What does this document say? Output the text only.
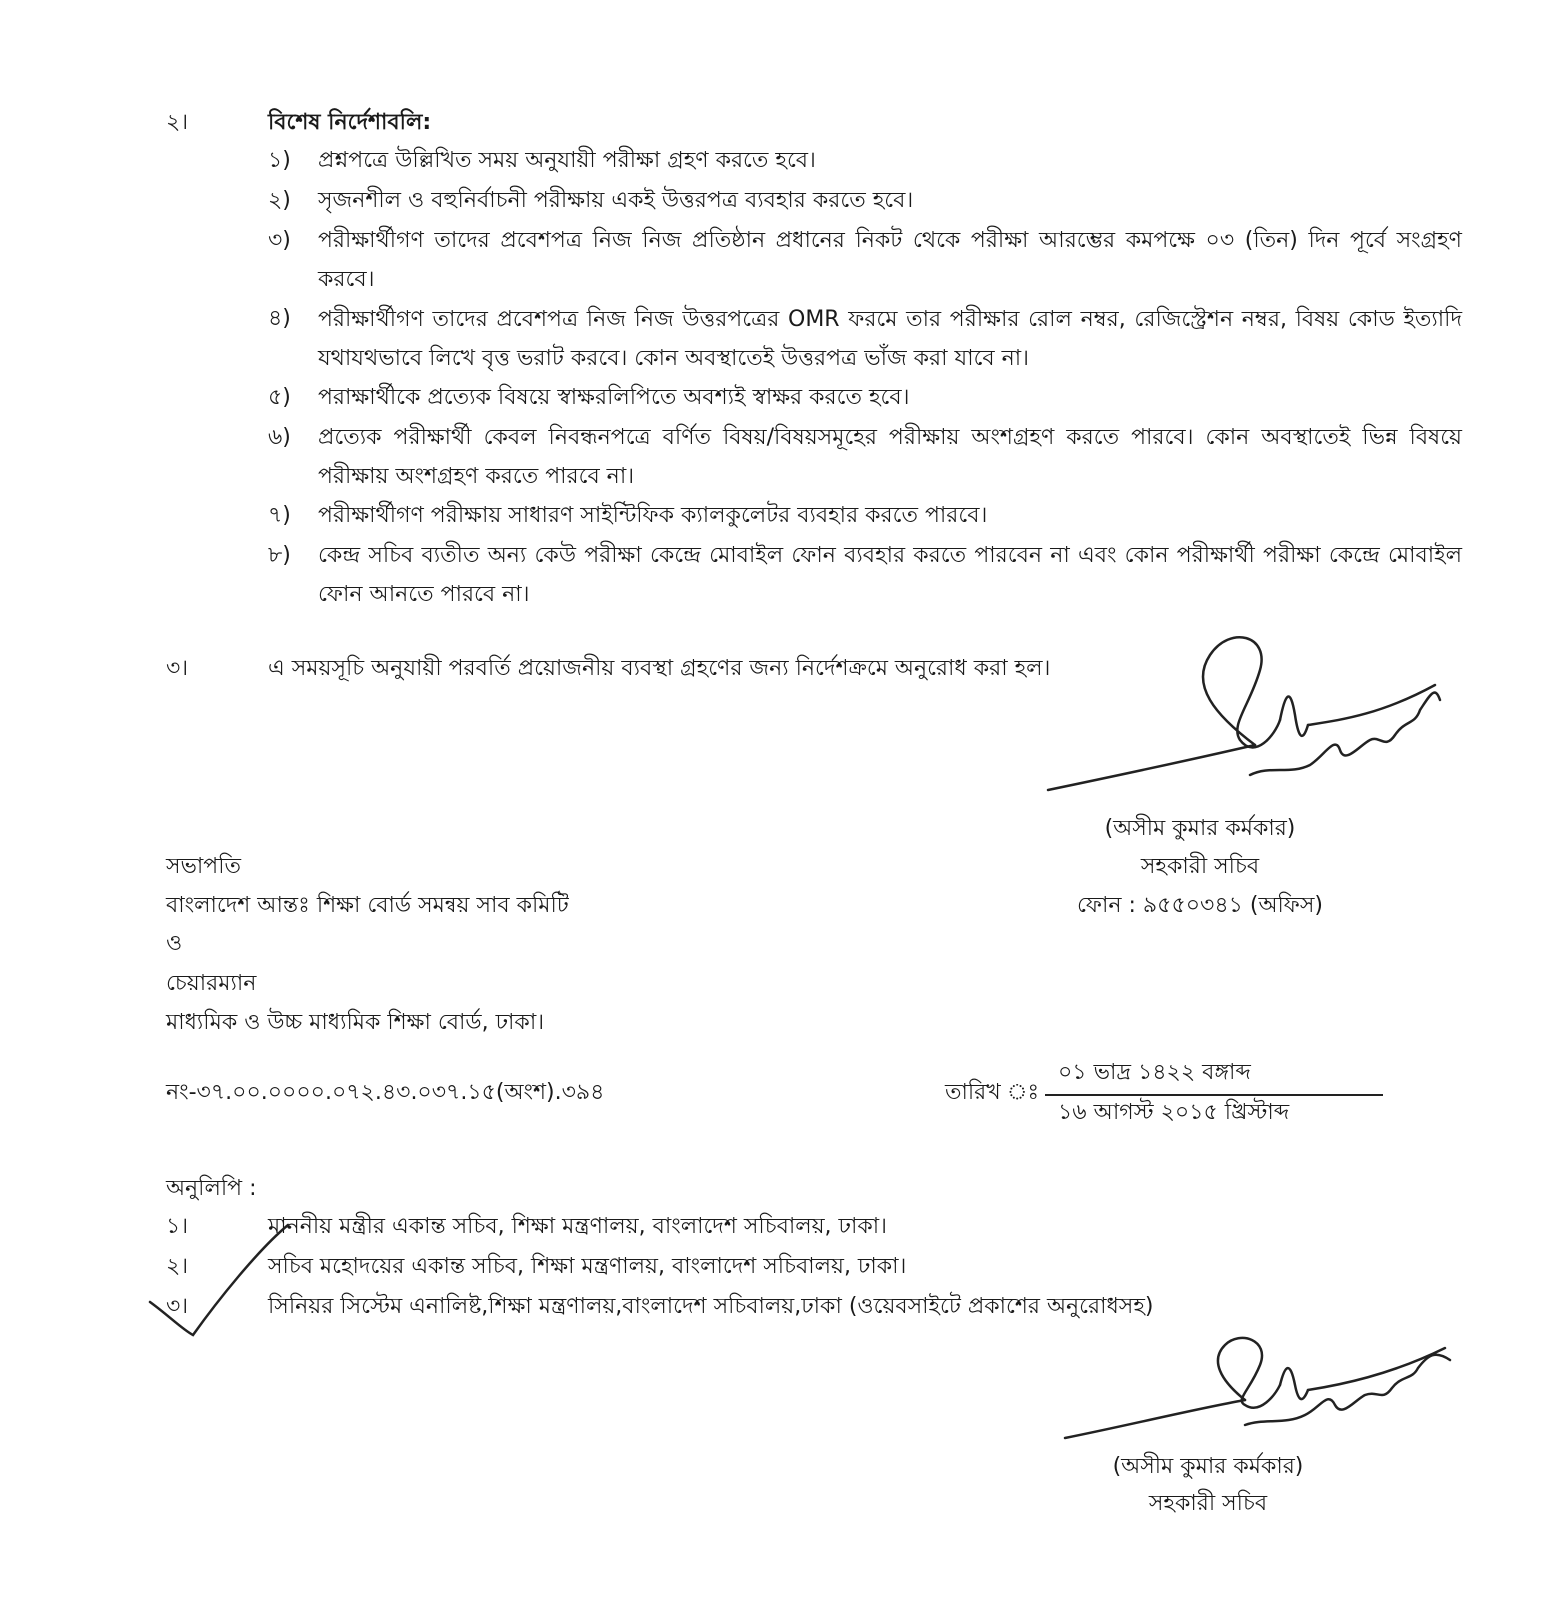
২।	বিশেষ নির্দেশাবলি:
১) প্রশ্নপত্রে উল্লিখিত সময় অনুযায়ী পরীক্ষা গ্রহণ করতে হবে।
২) সৃজনশীল ও বহুনির্বাচনী পরীক্ষায় একই উত্তরপত্র ব্যবহার করতে হবে।
৩) পরীক্ষার্থীগণ তাদের প্রবেশপত্র নিজ নিজ প্রতিষ্ঠান প্রধানের নিকট থেকে পরীক্ষা আরম্ভের কমপক্ষে ০৩ (তিন) দিন পূর্বে সংগ্রহণ করবে।
৪) পরীক্ষার্থীগণ তাদের প্রবেশপত্র নিজ নিজ উত্তরপত্রের OMR ফরমে তার পরীক্ষার রোল নম্বর, রেজিস্ট্রেশন নম্বর, বিষয় কোড ইত্যাদি যথাযথভাবে লিখে বৃত্ত ভরাট করবে। কোন অবস্থাতেই উত্তরপত্র ভাঁজ করা যাবে না।
৫) পরাক্ষার্থীকে প্রত্যেক বিষয়ে স্বাক্ষরলিপিতে অবশ্যই স্বাক্ষর করতে হবে।
৬) প্রত্যেক পরীক্ষার্থী কেবল নিবন্ধনপত্রে বর্ণিত বিষয়/বিষয়সমূহের পরীক্ষায় অংশগ্রহণ করতে পারবে। কোন অবস্থাতেই ভিন্ন বিষয়ে পরীক্ষায় অংশগ্রহণ করতে পারবে না।
৭) পরীক্ষার্থীগণ পরীক্ষায় সাধারণ সাইন্টিফিক ক্যালকুলেটর ব্যবহার করতে পারবে।
৮) কেন্দ্র সচিব ব্যতীত অন্য কেউ পরীক্ষা কেন্দ্রে মোবাইল ফোন ব্যবহার করতে পারবেন না এবং কোন পরীক্ষার্থী পরীক্ষা কেন্দ্রে মোবাইল ফোন আনতে পারবে না।
৩।	এ সময়সূচি অনুযায়ী পরবর্তি প্রয়োজনীয় ব্যবস্থা গ্রহণের জন্য নির্দেশক্রমে অনুরোধ করা হল।
(অসীম কুমার কর্মকার)
সহকারী সচিব
ফোন : ৯৫৫০৩৪১ (অফিস)
সভাপতি
বাংলাদেশ আন্তঃ শিক্ষা বোর্ড সমন্বয় সাব কমিটি
ও
চেয়ারম্যান
মাধ্যমিক ও উচ্চ মাধ্যমিক শিক্ষা বোর্ড, ঢাকা।
নং-৩৭.০০.০০০০.০৭২.৪৩.০৩৭.১৫(অংশ).৩৯৪	তারিখ ঃ
০১ ভাদ্র ১৪২২ বঙ্গাব্দ
১৬ আগস্ট ২০১৫ খ্রিস্টাব্দ
অনুলিপি :
১।	মাননীয় মন্ত্রীর একান্ত সচিব, শিক্ষা মন্ত্রণালয়, বাংলাদেশ সচিবালয়, ঢাকা।
২।	সচিব মহোদয়ের একান্ত সচিব, শিক্ষা মন্ত্রণালয়, বাংলাদেশ সচিবালয়, ঢাকা।
৩।	সিনিয়র সিস্টেম এনালিষ্ট,শিক্ষা মন্ত্রণালয়,বাংলাদেশ সচিবালয়,ঢাকা (ওয়েবসাইটে প্রকাশের অনুরোধসহ)
(অসীম কুমার কর্মকার)
সহকারী সচিব
